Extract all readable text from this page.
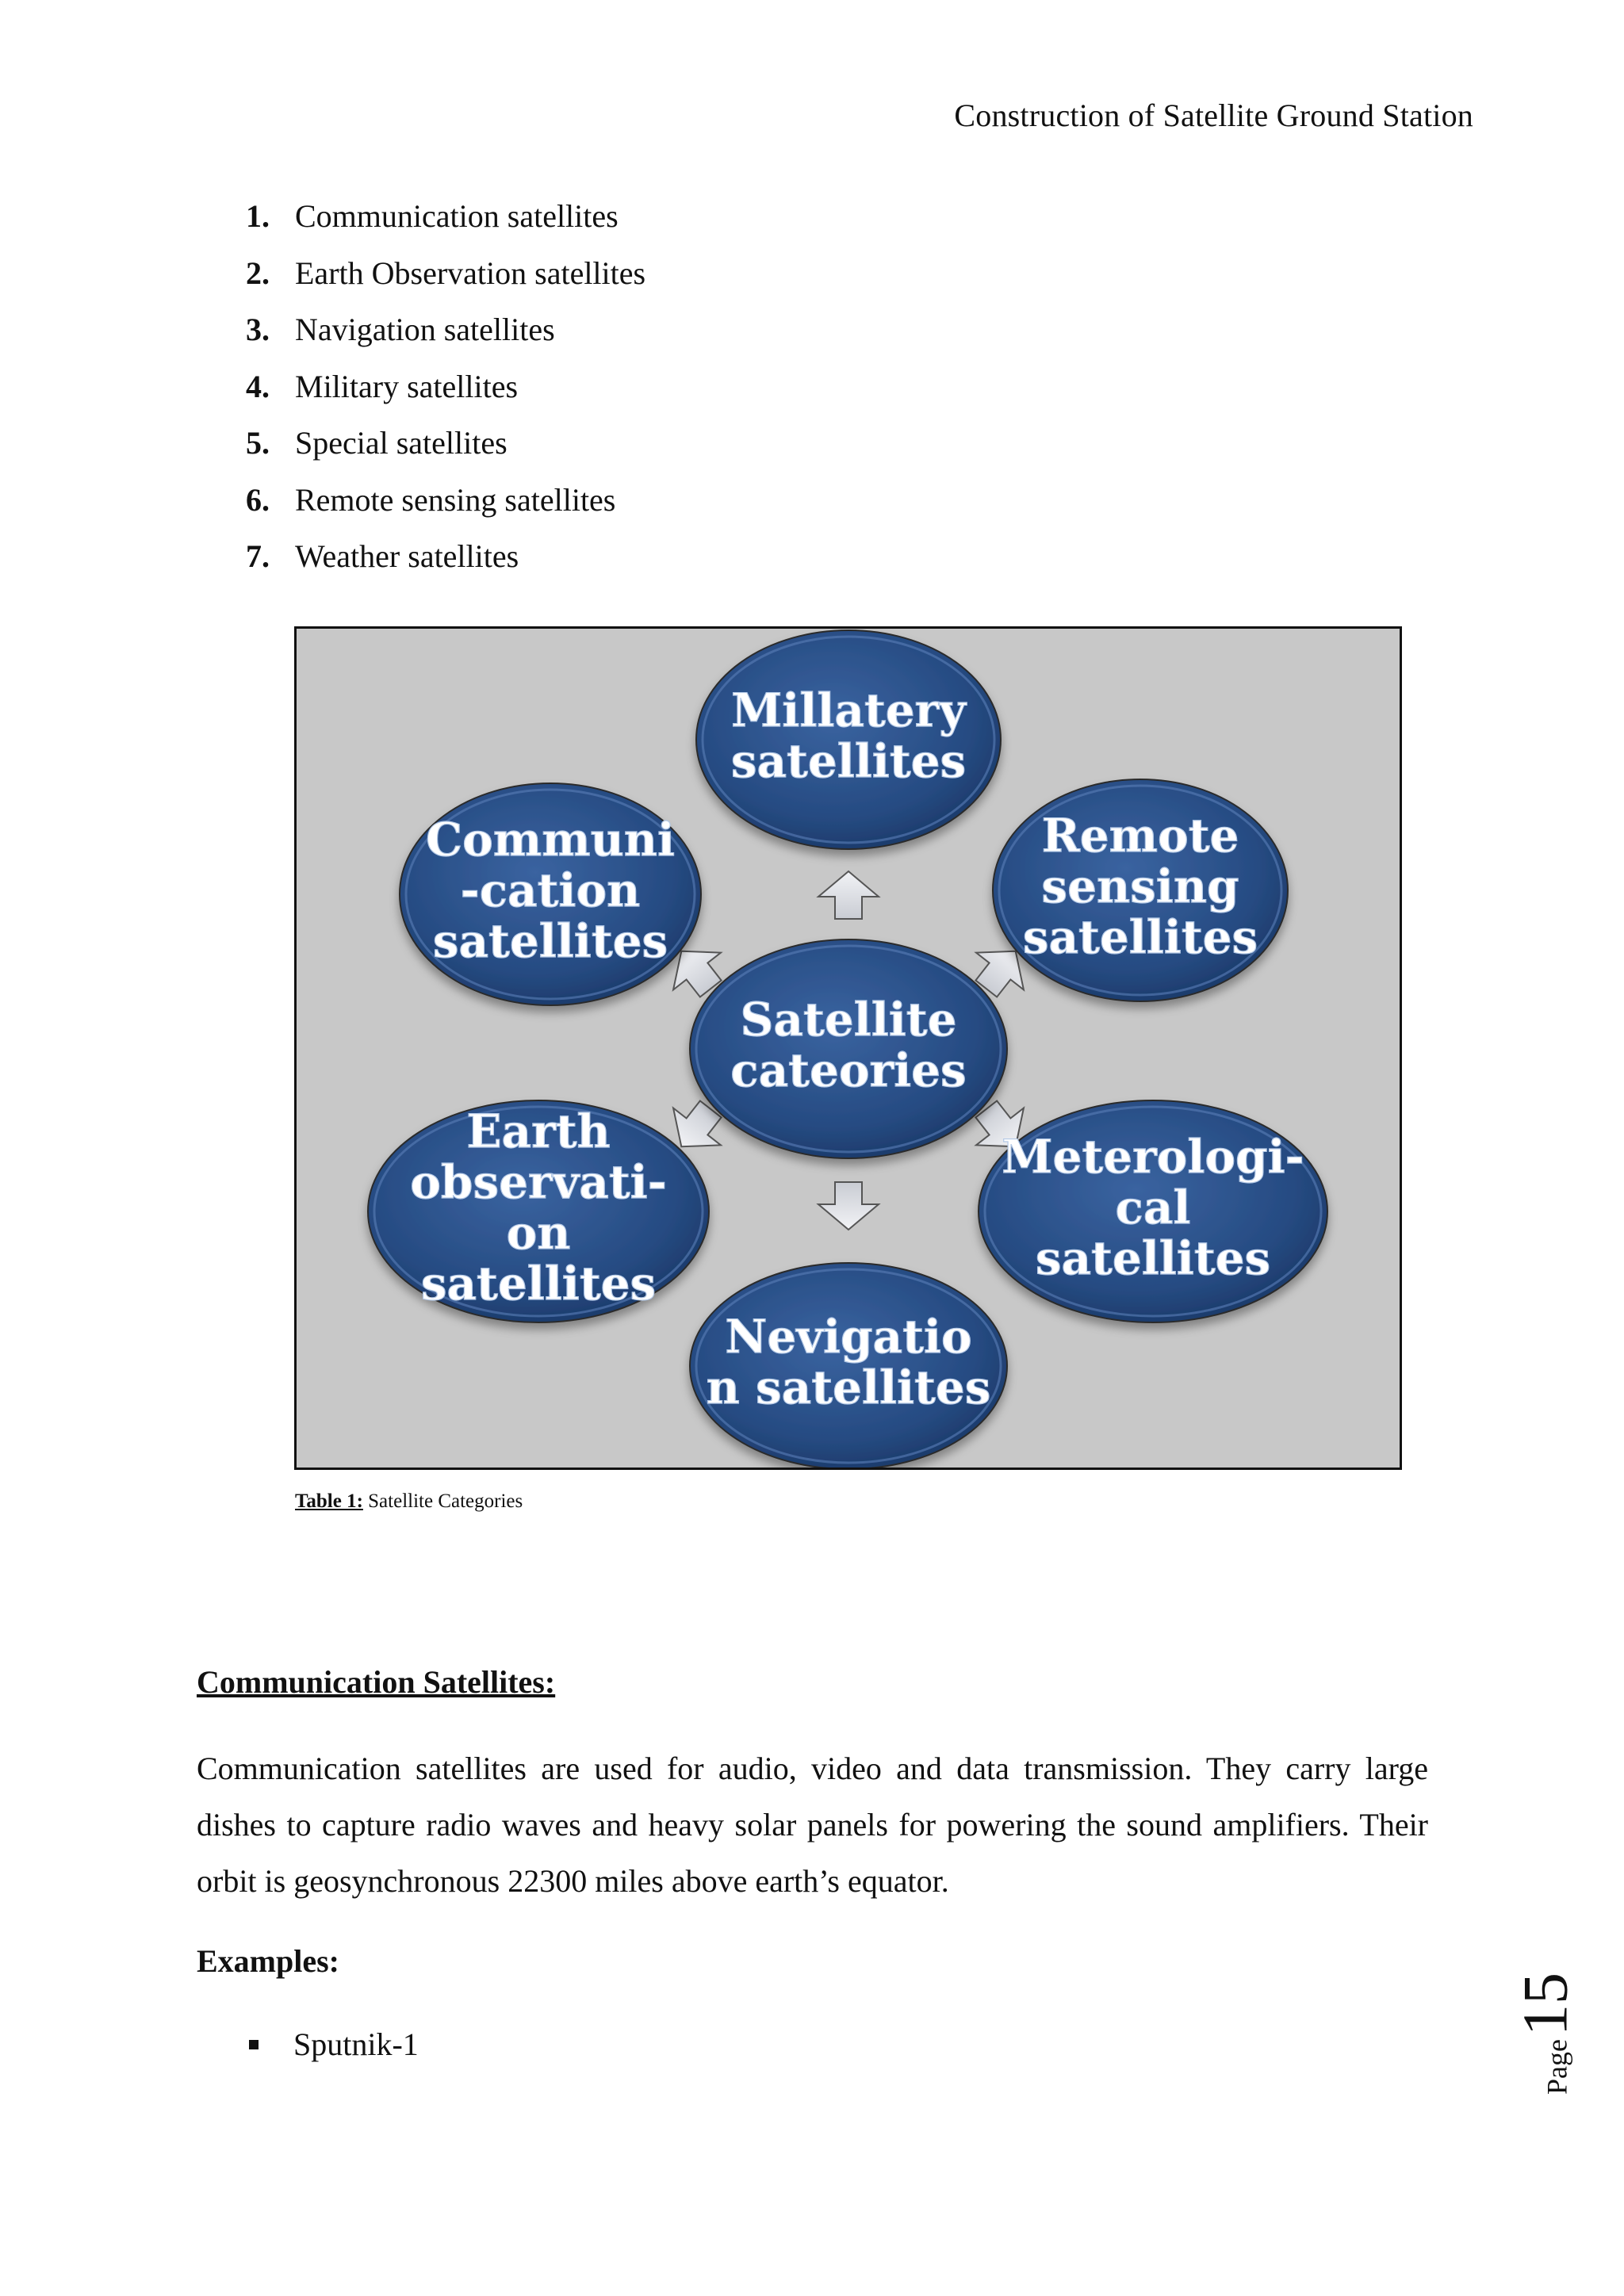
Construction of Satellite Ground Station
1. Communication satellites
2. Earth Observation satellites
3. Navigation satellites
4. Military satellites
5. Special satellites
6. Remote sensing satellites
7. Weather satellites
Millatery
satellites
Remote
sensing
satellites
Meterologi-
cal
satellites
Nevigatio
n satellites
Earth
observati-
on
satellites
Communi
-cation
satellites
Satellite
cateories
Table 1: Satellite Categories
Communication Satellites:

Communication satellites are used for audio, video and data transmission. They carry large dishes to capture radio waves and heavy solar panels for powering the sound amplifiers. Their orbit is geosynchronous 22300 miles above earth’s equator.

Examples:
Sputnik-1	Page
15
